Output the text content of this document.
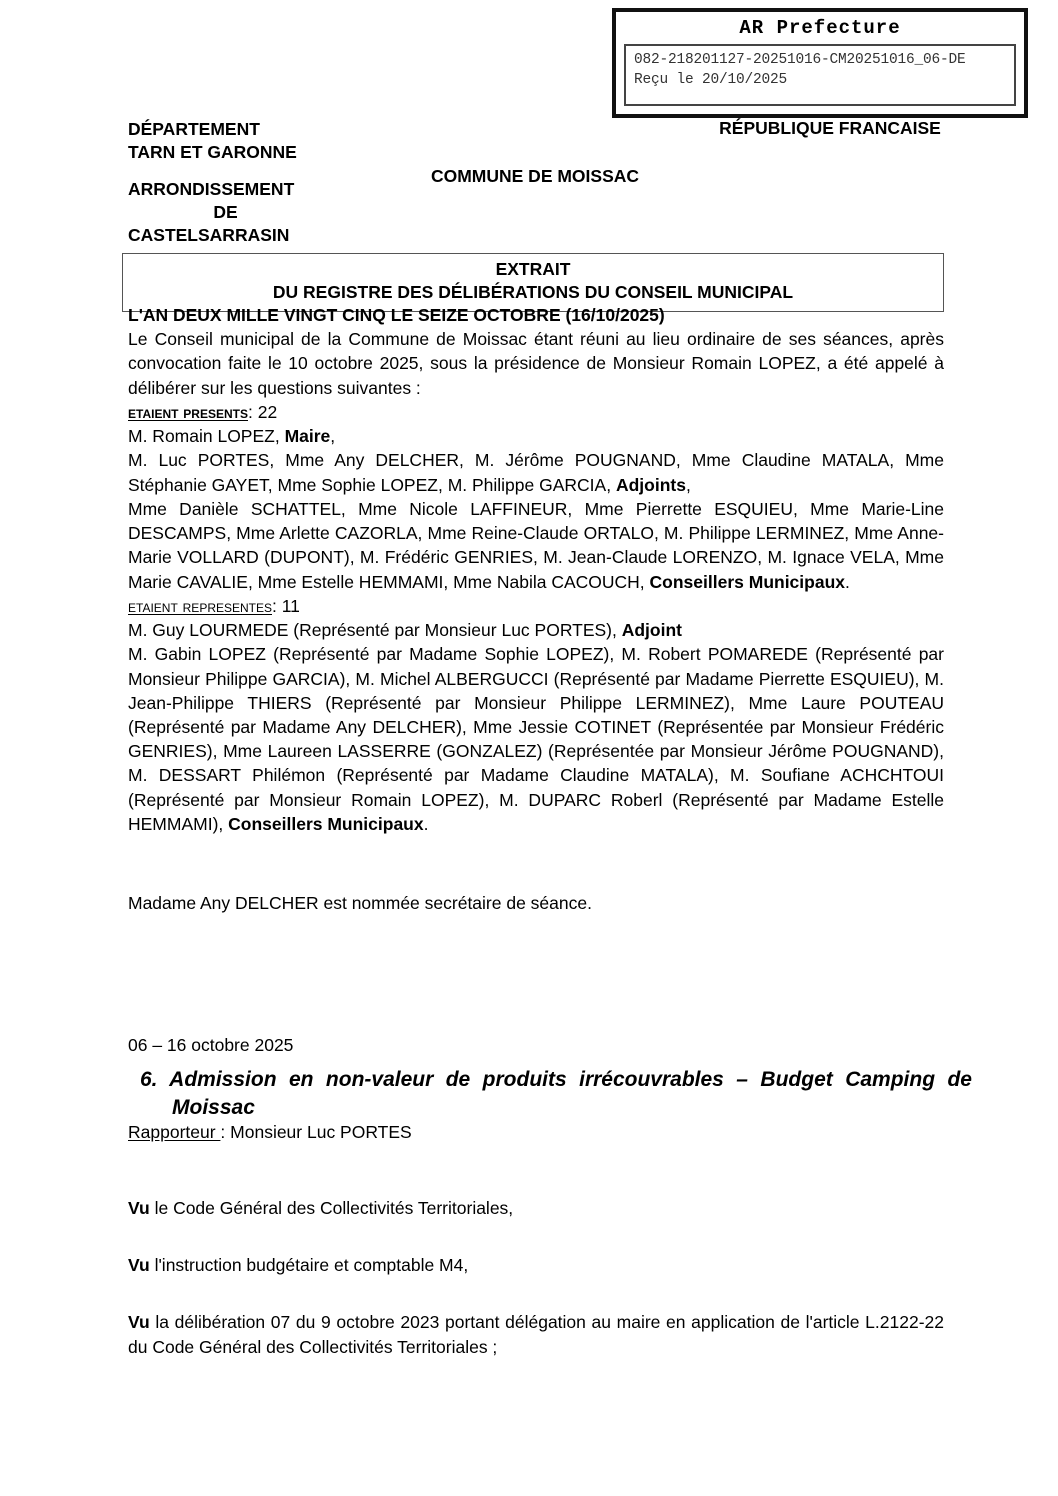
AR Prefecture
082-218201127-20251016-CM20251016_06-DE
Reçu le 20/10/2025
DÉPARTEMENT
TARN ET GARONNE
ARRONDISSEMENT
DE
CASTELSARRASIN
RÉPUBLIQUE FRANCAISE
COMMUNE DE MOISSAC
EXTRAIT
DU REGISTRE DES DÉLIBÉRATIONS DU CONSEIL MUNICIPAL

L'AN DEUX MILLE VINGT CINQ LE SEIZE OCTOBRE (16/10/2025)

Le Conseil municipal de la Commune de Moissac étant réuni au lieu ordinaire de ses séances, après convocation faite le 10 octobre 2025, sous la présidence de Monsieur Romain LOPEZ, a été appelé à délibérer sur les questions suivantes :

etaient presents: 22

M. Romain LOPEZ, Maire,

M. Luc PORTES, Mme Any DELCHER, M. Jérôme POUGNAND, Mme Claudine MATALA, Mme Stéphanie GAYET, Mme Sophie LOPEZ, M. Philippe GARCIA, Adjoints,

Mme Danièle SCHATTEL, Mme Nicole LAFFINEUR, Mme Pierrette ESQUIEU, Mme Marie-Line DESCAMPS, Mme Arlette CAZORLA, Mme Reine-Claude ORTALO, M. Philippe LERMINEZ, Mme Anne-Marie VOLLARD (DUPONT), M. Frédéric GENRIES, M. Jean-Claude LORENZO, M. Ignace VELA, Mme Marie CAVALIE, Mme Estelle HEMMAMI, Mme Nabila CACOUCH, Conseillers Municipaux.

etaient representes: 11

M. Guy LOURMEDE (Représenté par Monsieur Luc PORTES), Adjoint

M. Gabin LOPEZ (Représenté par Madame Sophie LOPEZ), M. Robert POMAREDE (Représenté par Monsieur Philippe GARCIA), M. Michel ALBERGUCCI (Représenté par Madame Pierrette ESQUIEU), M. Jean-Philippe THIERS (Représenté par Monsieur Philippe LERMINEZ), Mme Laure POUTEAU (Représenté par Madame Any DELCHER), Mme Jessie COTINET (Représentée par Monsieur Frédéric GENRIES), Mme Laureen LASSERRE (GONZALEZ) (Représentée par Monsieur Jérôme POUGNAND), M. DESSART Philémon (Représenté par Madame Claudine MATALA), M. Soufiane ACHCHTOUI (Représenté par Monsieur Romain LOPEZ), M. DUPARC Roberl (Représenté par Madame Estelle HEMMAMI), Conseillers Municipaux.

Madame Any DELCHER est nommée secrétaire de séance.
06 – 16 octobre 2025
6. Admission en non-valeur de produits irrécouvrables – Budget Camping de Moissac
Rapporteur : Monsieur Luc PORTES

Vu le Code Général des Collectivités Territoriales,

Vu l'instruction budgétaire et comptable M4,

Vu la délibération 07 du 9 octobre 2023 portant délégation au maire en application de l'article L.2122-22 du Code Général des Collectivités Territoriales ;
